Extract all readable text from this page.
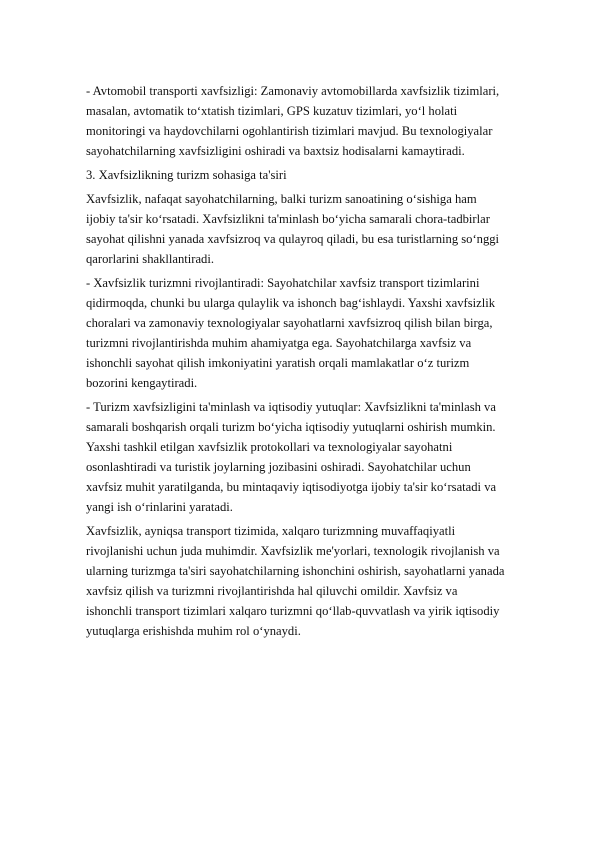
- Avtomobil transporti xavfsizligi: Zamonaviy avtomobillarda xavfsizlik tizimlari,
masalan, avtomatik to‘xtatish tizimlari, GPS kuzatuv tizimlari, yo‘l holati
monitoringi va haydovchilarni ogohlantirish tizimlari mavjud. Bu texnologiyalar
sayohatchilarning xavfsizligini oshiradi va baxtsiz hodisalarni kamaytiradi.

3. Xavfsizlikning turizm sohasiga ta'siri

Xavfsizlik, nafaqat sayohatchilarning, balki turizm sanoatining o‘sishiga ham
ijobiy ta'sir ko‘rsatadi. Xavfsizlikni ta'minlash bo‘yicha samarali chora-tadbirlar
sayohat qilishni yanada xavfsizroq va qulayroq qiladi, bu esa turistlarning so‘nggi
qarorlarini shakllantiradi.

- Xavfsizlik turizmni rivojlantiradi: Sayohatchilar xavfsiz transport tizimlarini
qidirmoqda, chunki bu ularga qulaylik va ishonch bag‘ishlaydi. Yaxshi xavfsizlik
choralari va zamonaviy texnologiyalar sayohatlarni xavfsizroq qilish bilan birga,
turizmni rivojlantirishda muhim ahamiyatga ega. Sayohatchilarga xavfsiz va
ishonchli sayohat qilish imkoniyatini yaratish orqali mamlakatlar o‘z turizm
bozorini kengaytiradi.

- Turizm xavfsizligini ta'minlash va iqtisodiy yutuqlar: Xavfsizlikni ta'minlash va
samarali boshqarish orqali turizm bo‘yicha iqtisodiy yutuqlarni oshirish mumkin.
Yaxshi tashkil etilgan xavfsizlik protokollari va texnologiyalar sayohatni
osonlashtiradi va turistik joylarning jozibasini oshiradi. Sayohatchilar uchun
xavfsiz muhit yaratilganda, bu mintaqaviy iqtisodiyotga ijobiy ta'sir ko‘rsatadi va
yangi ish o‘rinlarini yaratadi.

Xavfsizlik, ayniqsa transport tizimida, xalqaro turizmning muvaffaqiyatli
rivojlanishi uchun juda muhimdir. Xavfsizlik me'yorlari, texnologik rivojlanish va
ularning turizmga ta'siri sayohatchilarning ishonchini oshirish, sayohatlarni yanada
xavfsiz qilish va turizmni rivojlantirishda hal qiluvchi omildir. Xavfsiz va
ishonchli transport tizimlari xalqaro turizmni qo‘llab-quvvatlash va yirik iqtisodiy
yutuqlarga erishishda muhim rol o‘ynaydi.
